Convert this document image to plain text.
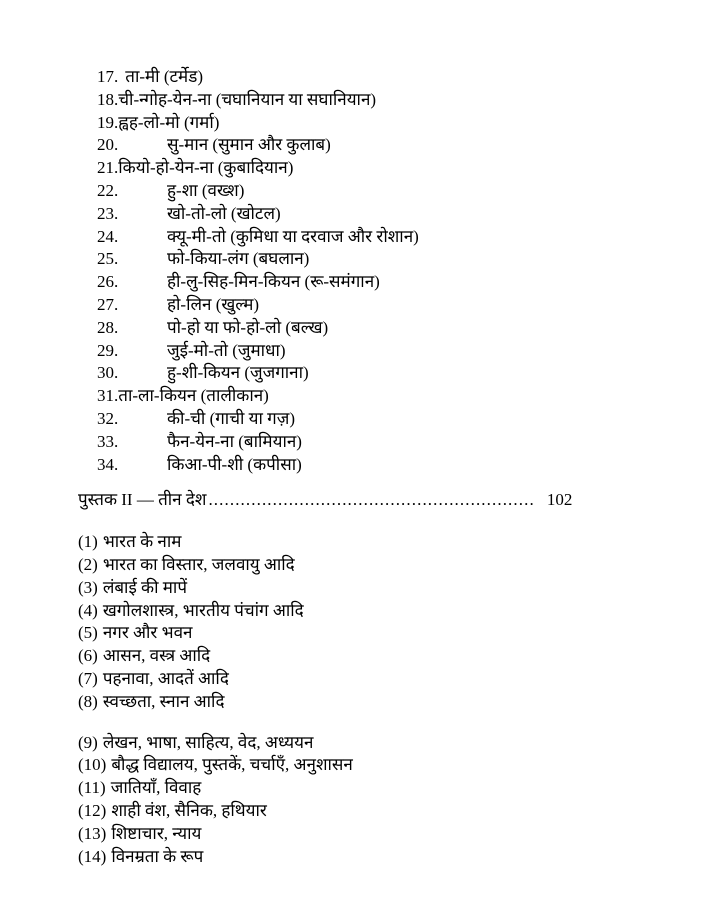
17. ता-मी (टर्मेड)
18.ची-न्गोह-येन-ना (चघानियान या सघानियान)
19.ह्वह-लो-मो (गर्मा)
20.	सु-मान (सुमान और कुलाब)
21.कियो-हो-येन-ना (कुबादियान)
22.	हु-शा (वख्श)
23.	खो-तो-लो (खोटल)
24.	क्यू-मी-तो (कुमिधा या दरवाज और रोशान)
25.	फो-किया-लंग (बघलान)
26.	ही-लु-सिह-मिन-कियन (रू-समंगान)
27.	हो-लिन (खुल्म)
28.	पो-हो या फो-हो-लो (बल्ख)
29.	जुई-मो-तो (जुमाधा)
30.	हु-शी-कियन (जुजगाना)
31.ता-ला-कियन (तालीकान)
32.	की-ची (गाची या गज़)
33.	फैन-येन-ना (बामियान)
34.	किआ-पी-शी (कपीसा)
पुस्तक II — तीन देश ............................................................. 102
(1) भारत के नाम
(2) भारत का विस्तार, जलवायु आदि
(3) लंबाई की मापें
(4) खगोलशास्त्र, भारतीय पंचांग आदि
(5) नगर और भवन
(6) आसन, वस्त्र आदि
(7) पहनावा, आदतें आदि
(8) स्वच्छता, स्नान आदि
(9) लेखन, भाषा, साहित्य, वेद, अध्ययन
(10) बौद्ध विद्यालय, पुस्तकें, चर्चाएँ, अनुशासन
(11) जातियाँ, विवाह
(12) शाही वंश, सैनिक, हथियार
(13) शिष्टाचार, न्याय
(14) विनम्रता के रूप
